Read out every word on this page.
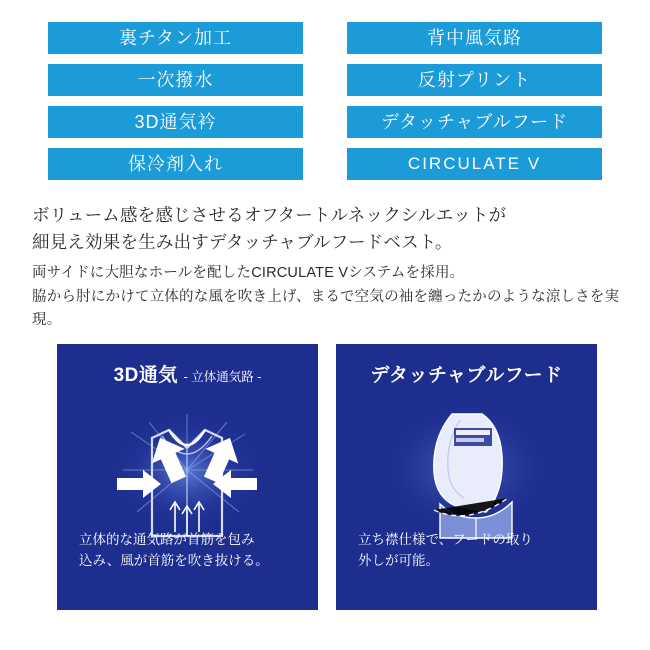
裏チタン加工	背中風気路
一次撥水	反射プリント
3D通気衿	デタッチャブルフード
保冷剤入れ	CIRCULATE V
ボリューム感を感じさせるオフタートルネックシルエットが
細見え効果を生み出すデタッチャブルフードベスト。
両サイドに大胆なホールを配したCIRCULATE Vシステムを採用。
脇から肘にかけて立体的な風を吹き上げ、まるで空気の袖を纏ったかのような涼しさを実現。
3D通気 - 立体通気路 -
立体的な通気路が首筋を包み
込み、風が首筋を吹き抜ける。
デタッチャブルフード
立ち襟仕様で、フードの取り
外しが可能。
